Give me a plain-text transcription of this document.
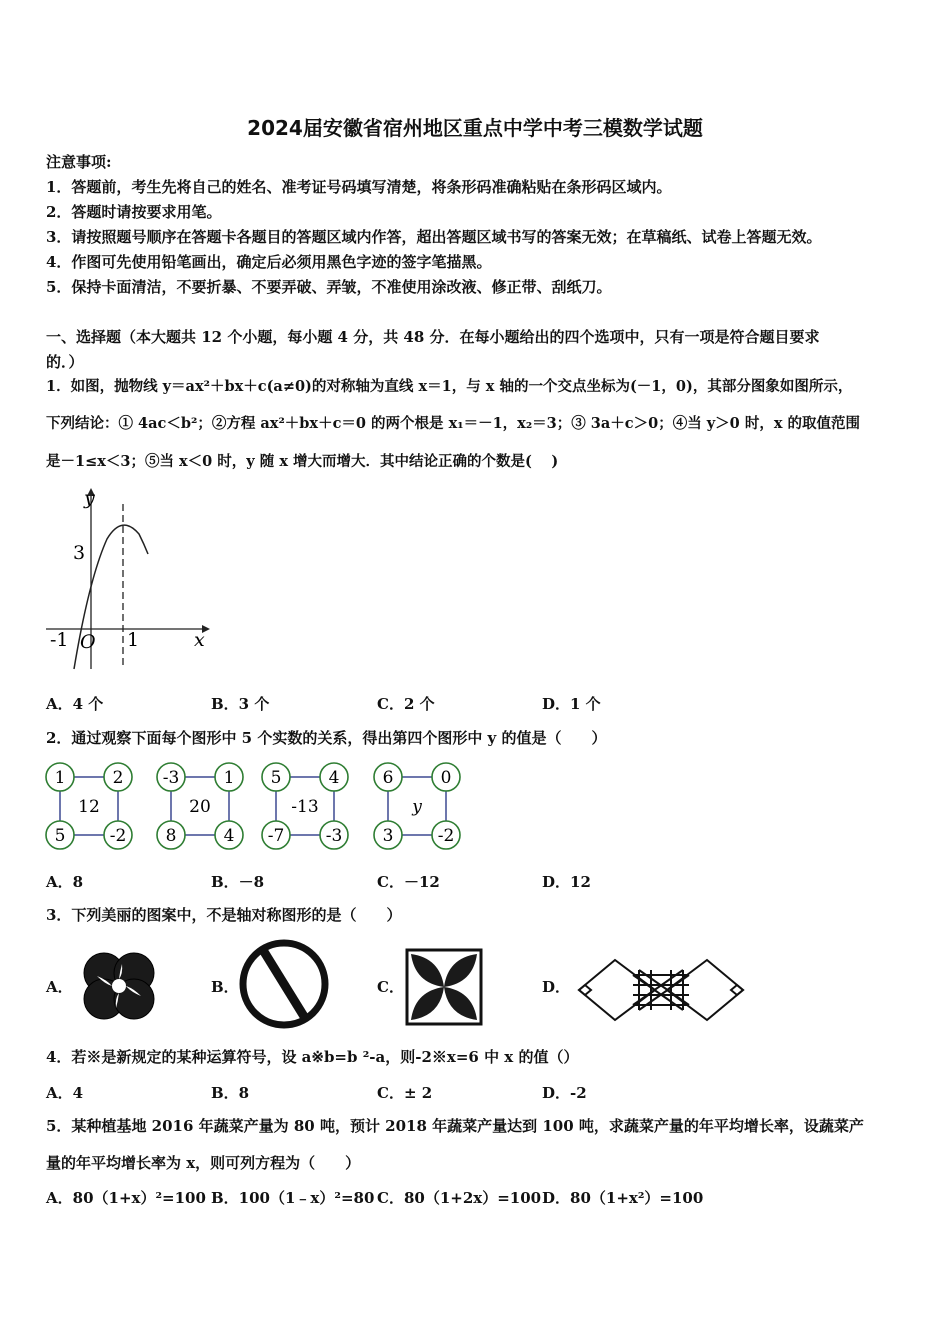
2024届安徽省宿州地区重点中学中考三模数学试题
注意事项:
1．答题前，考生先将自己的姓名、准考证号码填写清楚，将条形码准确粘贴在条形码区域内。
2．答题时请按要求用笔。
3．请按照题号顺序在答题卡各题目的答题区域内作答，超出答题区域书写的答案无效；在草稿纸、试卷上答题无效。
4．作图可先使用铅笔画出，确定后必须用黑色字迹的签字笔描黑。
5．保持卡面清洁，不要折暴、不要弄破、弄皱，不准使用涂改液、修正带、刮纸刀。
一、选择题（本大题共 12 个小题，每小题 4 分，共 48 分．在每小题给出的四个选项中，只有一项是符合题目要求
的．）
1．如图，抛物线 y＝ax²＋bx＋c(a≠0)的对称轴为直线 x＝1，与 x 轴的一个交点坐标为(－1，0)，其部分图象如图所示，
下列结论：① 4ac＜b²；②方程 ax²＋bx＋c＝0 的两个根是 x₁＝－1，x₂＝3；③ 3a＋c＞0；④当 y＞0 时，x 的取值范围
是－1≤x＜3；⑤当 x＜0 时，y 随 x 增大而增大．其中结论正确的个数是(　 )
y
x
3
-1 O 1
A．4 个	B．3 个	C．2 个	D．1 个
2．通过观察下面每个图形中 5 个实数的关系，得出第四个图形中 y 的值是（　　）
1	2
5	-2
12
-3	1
8	4
20
5	4
-7 -3
-13
6	0
3	-2
y
A．8	B．－8	C．－12	D．12
3．下列美丽的图案中，不是轴对称图形的是（　　）
A．	B．	C．	D．
4．若※是新规定的某种运算符号，设 a※b=b ²-a，则-2※x=6 中 x 的值（）
A．4	B．8	C．± 2	D．-2
5．某种植基地 2016 年蔬菜产量为 80 吨，预计 2018 年蔬菜产量达到 100 吨，求蔬菜产量的年平均增长率，设蔬菜产
量的年平均增长率为 x，则可列方程为（　　）
A．80（1+x）²=100 B．100（1﹣x）²=80 C．80（1+2x）=100 D．80（1+x²）=100
